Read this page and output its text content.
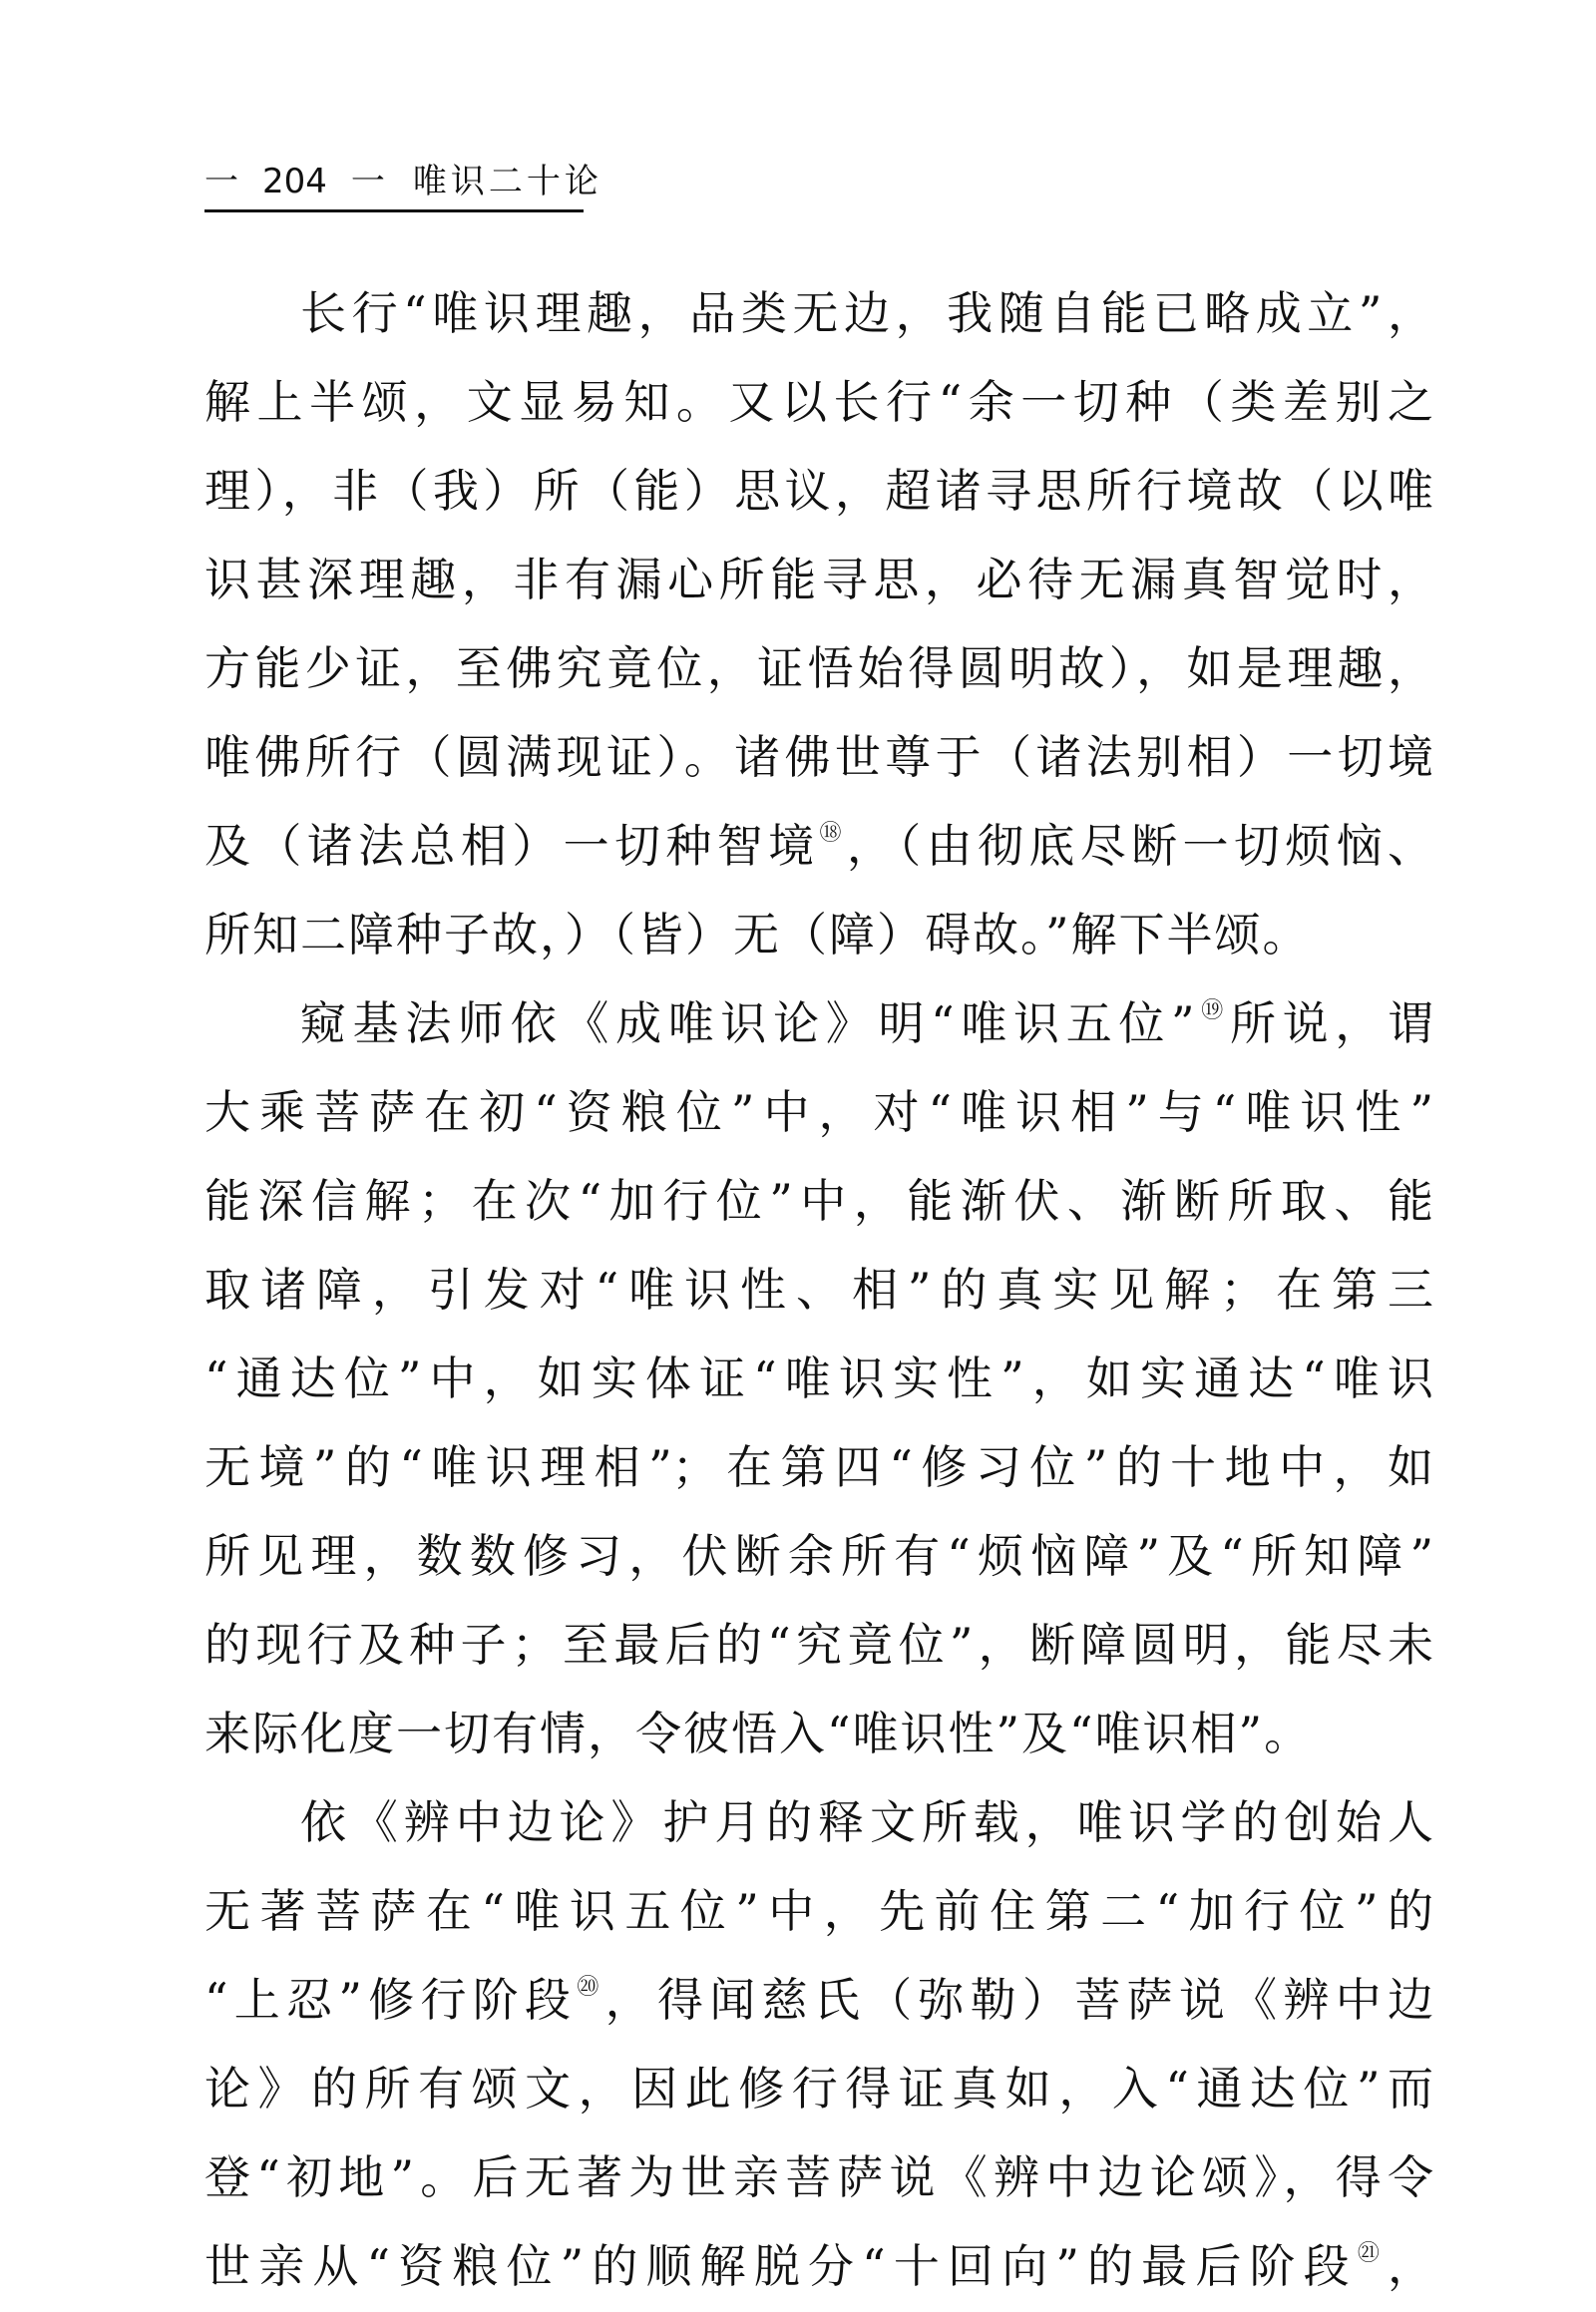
一 204 一 唯识二十论
长行“唯识理趣，品类无边，我随自能已略成立”，
解上半颂，文显易知。又以长行“余一切种（类差别之
理），非（我）所（能）思议，超诸寻思所行境故（以唯
识甚深理趣，非有漏心所能寻思，必待无漏真智觉时，
方能少证，至佛究竟位，证悟始得圆明故），如是理趣，
唯佛所行（圆满现证）。诸佛世尊于（诸法别相）一切境
及（诸法总相）一切种智境⑱，（由彻底尽断一切烦恼、
所知二障种子故，）（皆）无（障）碍故。”解下半颂。
窥基法师依《成唯识论》明“唯识五位”⑲所说，谓
大乘菩萨在初“资粮位”中，对“唯识相”与“唯识性”
能深信解；在次“加行位”中，能渐伏、渐断所取、能
取诸障，引发对“唯识性、相”的真实见解；在第三
“通达位”中，如实体证“唯识实性”，如实通达“唯识
无境”的“唯识理相”；在第四“修习位”的十地中，如
所见理，数数修习，伏断余所有“烦恼障”及“所知障”
的现行及种子；至最后的“究竟位”，断障圆明，能尽未
来际化度一切有情，令彼悟入“唯识性”及“唯识相”。
依《辨中边论》护月的释文所载，唯识学的创始人
无著菩萨在“唯识五位”中，先前住第二“加行位”的
“上忍”修行阶段⑳，得闻慈氏（弥勒）菩萨说《辨中边
论》的所有颂文，因此修行得证真如，入“通达位”而
登“初地”。后无著为世亲菩萨说《辨中边论颂》，得令
世亲从“资粮位”的顺解脱分“十回向”的最后阶段$^㉑$，
